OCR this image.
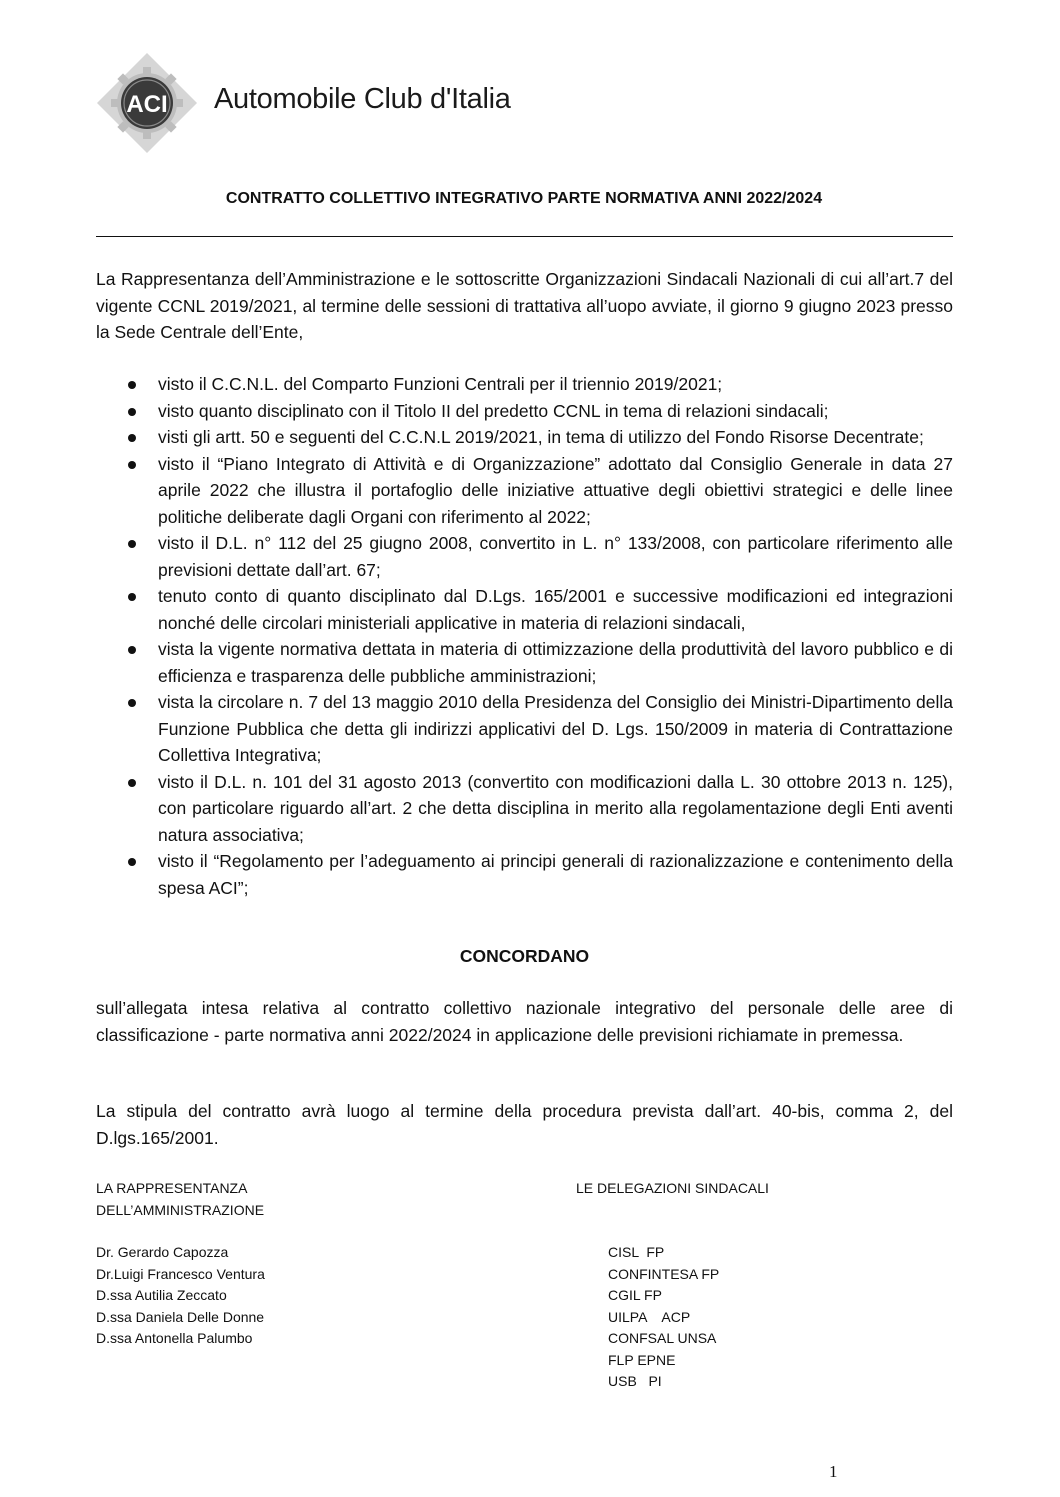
ACI Automobile Club d'Italia
CONTRATTO COLLETTIVO INTEGRATIVO PARTE NORMATIVA ANNI 2022/2024
La Rappresentanza dell’Amministrazione e le sottoscritte Organizzazioni Sindacali Nazionali di cui all’art.7 del vigente CCNL 2019/2021, al termine delle sessioni di trattativa all’uopo avviate, il giorno 9 giugno 2023 presso la Sede Centrale dell’Ente,
visto il C.C.N.L. del Comparto Funzioni Centrali per il triennio 2019/2021;
visto quanto disciplinato con il Titolo II del predetto CCNL in tema di relazioni sindacali;
visti gli artt. 50 e seguenti del C.C.N.L 2019/2021, in tema di utilizzo del Fondo Risorse Decentrate;
visto il “Piano Integrato di Attività e di Organizzazione” adottato dal Consiglio Generale in data 27 aprile 2022 che illustra il portafoglio delle iniziative attuative degli obiettivi strategici e delle linee politiche deliberate dagli Organi con riferimento al 2022;
visto il D.L. n° 112 del 25 giugno 2008, convertito in L. n° 133/2008, con particolare riferimento alle previsioni dettate dall’art. 67;
tenuto conto di quanto disciplinato dal D.Lgs. 165/2001 e successive modificazioni ed integrazioni nonché delle circolari ministeriali applicative in materia di relazioni sindacali,
vista la vigente normativa dettata in materia di ottimizzazione della produttività del lavoro pubblico e di efficienza e trasparenza delle pubbliche amministrazioni;
vista la circolare n. 7 del 13 maggio 2010 della Presidenza del Consiglio dei Ministri-Dipartimento della Funzione Pubblica che detta gli indirizzi applicativi del D. Lgs. 150/2009 in materia di Contrattazione Collettiva Integrativa;
visto il D.L. n. 101 del 31 agosto 2013 (convertito con modificazioni dalla L. 30 ottobre 2013 n. 125), con particolare riguardo all’art. 2 che detta disciplina in merito alla regolamentazione degli Enti aventi natura associativa;
visto il “Regolamento per l’adeguamento ai principi generali di razionalizzazione e contenimento della spesa ACI”;
CONCORDANO
sull’allegata intesa relativa al contratto collettivo nazionale integrativo del personale delle aree di classificazione - parte normativa anni 2022/2024 in applicazione delle previsioni richiamate in premessa.
La stipula del contratto avrà luogo al termine della procedura prevista dall’art. 40-bis, comma 2, del D.lgs.165/2001.
LA RAPPRESENTANZA
DELL’AMMINISTRAZIONE
LE DELEGAZIONI SINDACALI
Dr. Gerardo Capozza
Dr.Luigi Francesco Ventura
D.ssa Autilia Zeccato
D.ssa Daniela Delle Donne
D.ssa Antonella Palumbo
CISL  FP
CONFINTESA FP
CGIL FP
UILPA    ACP
CONFSAL UNSA
FLP EPNE
USB   PI
1
